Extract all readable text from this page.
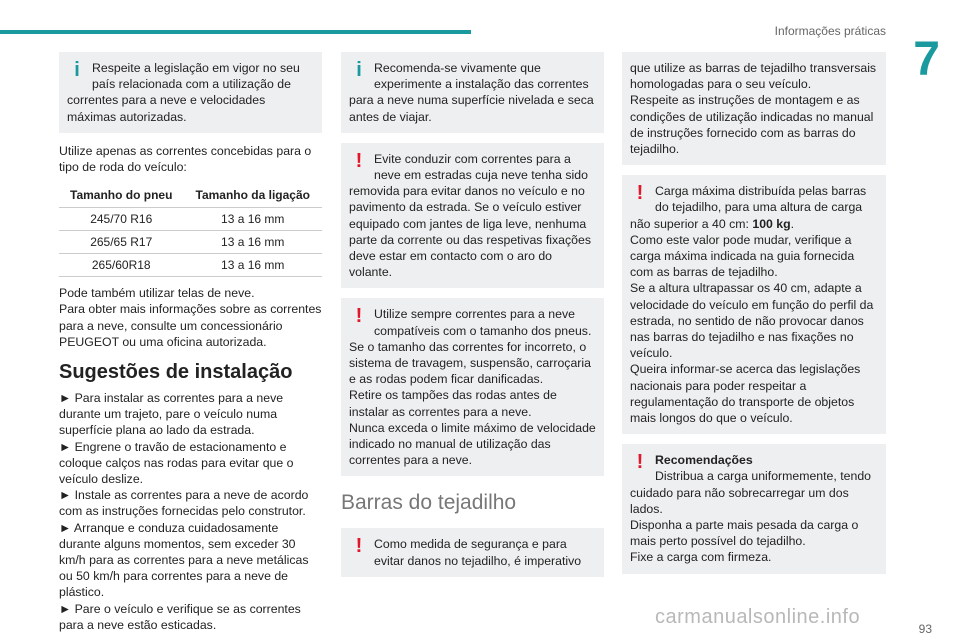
Informações práticas
7
i Respeite a legislação em vigor no seu país relacionada com a utilização de
correntes para a neve e velocidades máximas autorizadas.

Utilize apenas as correntes concebidas para o tipo de roda do veículo:

Tamanho do pneu	Tamanho da ligação
245/70 R16	13 a 16 mm
265/65 R17	13 a 16 mm
265/60R18	13 a 16 mm

Pode também utilizar telas de neve.

Para obter mais informações sobre as correntes para a neve, consulte um concessionário PEUGEOT ou uma oficina autorizada.

Sugestões de instalação

► Para instalar as correntes para a neve durante um trajeto, pare o veículo numa superfície plana ao lado da estrada.

► Engrene o travão de estacionamento e coloque calços nas rodas para evitar que o veículo deslize.

► Instale as correntes para a neve de acordo com as instruções fornecidas pelo construtor.

► Arranque e conduza cuidadosamente durante alguns momentos, sem exceder 30 km/h para as correntes para a neve metálicas ou 50 km/h para correntes para a neve de plástico.

► Pare o veículo e verifique se as correntes para a neve estão esticadas.

i Recomenda-se vivamente que experimente a instalação das correntes
para a neve numa superfície nivelada e seca antes de viajar.
! Evite conduzir com correntes para a neve em estradas cuja neve tenha sido
removida para evitar danos no veículo e no pavimento da estrada. Se o veículo estiver equipado com jantes de liga leve, nenhuma parte da corrente ou das respetivas fixações deve estar em contacto com o aro do volante.
! Utilize sempre correntes para a neve compatíveis com o tamanho dos pneus.
Se o tamanho das correntes for incorreto, o sistema de travagem, suspensão, carroçaria e as rodas podem ficar danificadas.
Retire os tampões das rodas antes de instalar as correntes para a neve.
Nunca exceda o limite máximo de velocidade indicado no manual de utilização das correntes para a neve.
Barras do tejadilho
! Como medida de segurança e para evitar danos no tejadilho, é imperativo
que utilize as barras de tejadilho transversais homologadas para o seu veículo.
Respeite as instruções de montagem e as condições de utilização indicadas no manual de instruções fornecido com as barras do tejadilho.
! Carga máxima distribuída pelas barras do tejadilho, para uma altura de carga
não superior a 40 cm: 100 kg.
Como este valor pode mudar, verifique a carga máxima indicada na guia fornecida com as barras de tejadilho.
Se a altura ultrapassar os 40 cm, adapte a velocidade do veículo em função do perfil da estrada, no sentido de não provocar danos nas barras do tejadilho e nas fixações no veículo.
Queira informar-se acerca das legislações nacionais para poder respeitar a regulamentação do transporte de objetos mais longos do que o veículo.
! Recomendações
Distribua a carga uniformemente, tendo
cuidado para não sobrecarregar um dos lados.
Disponha a parte mais pesada da carga o mais perto possível do tejadilho.
Fixe a carga com firmeza.
93
carmanualsonline.info
